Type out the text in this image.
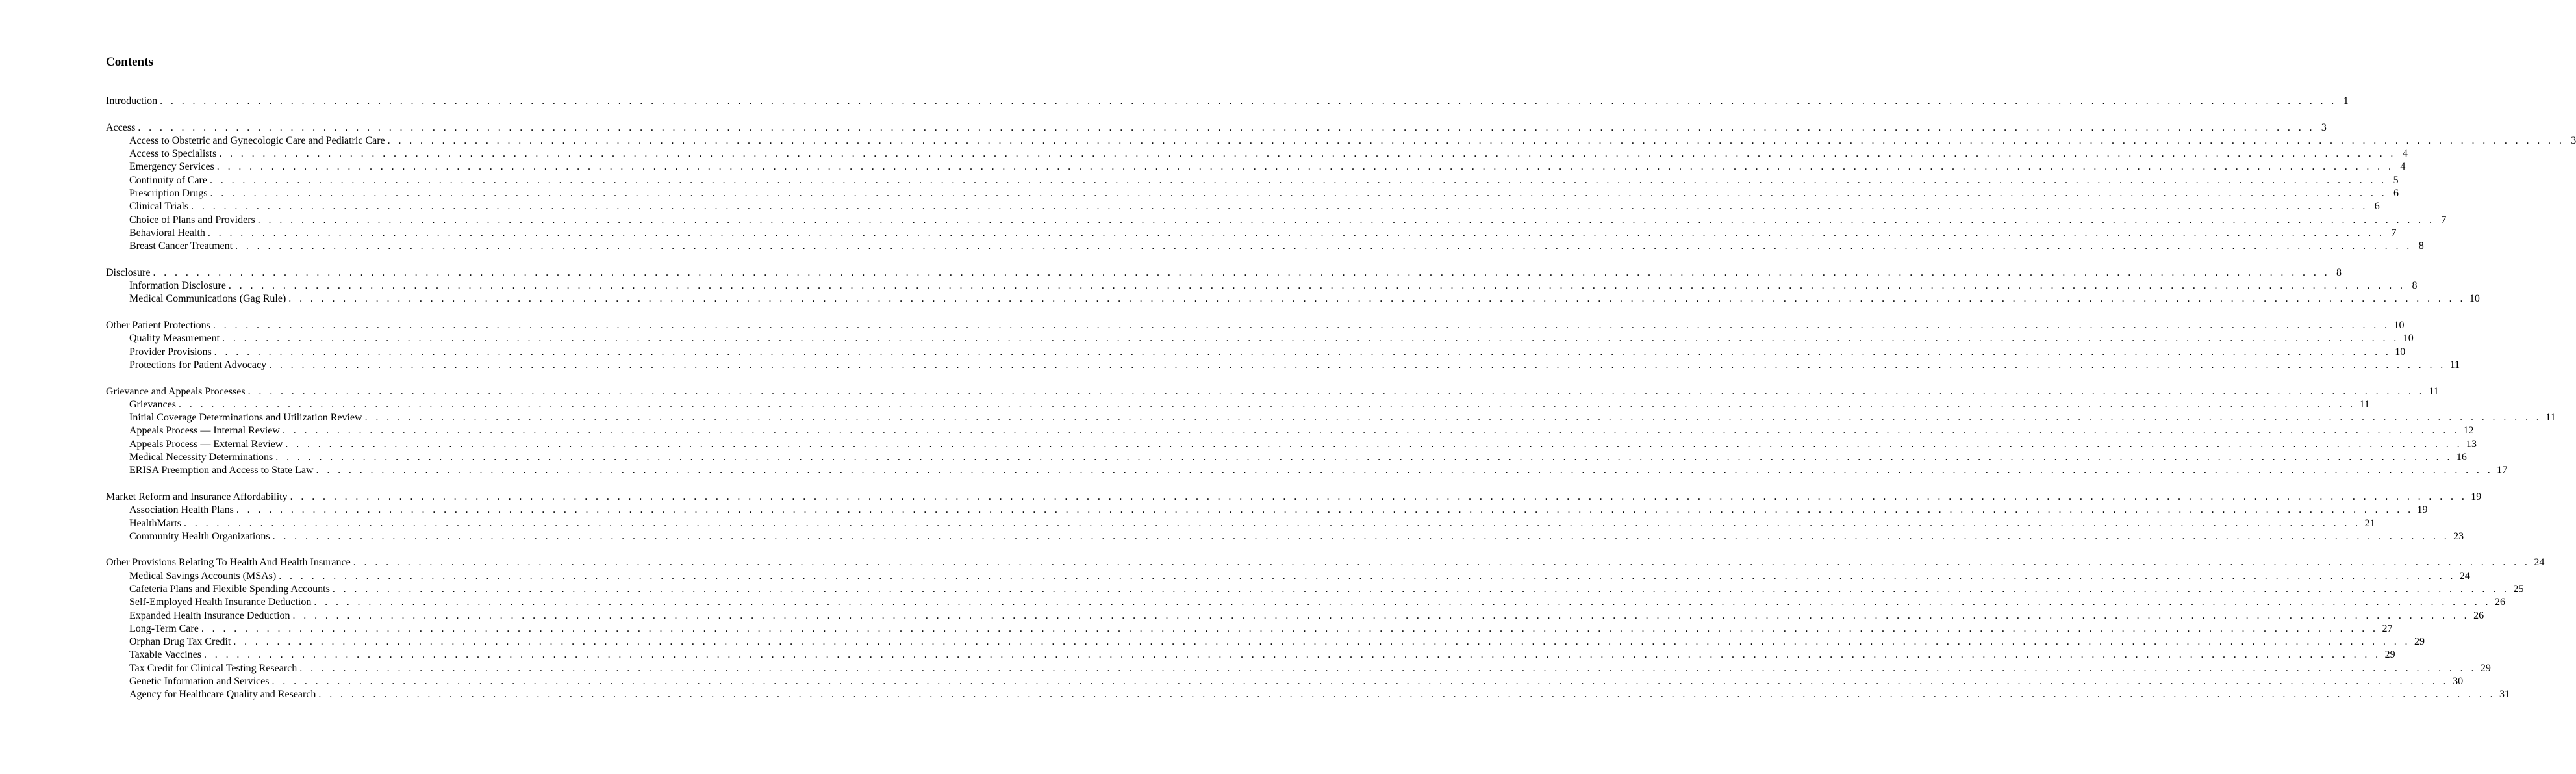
Contents
Introduction . . . . . . . . . . . . . . . . . . . . . . . . . . . . . . . . . . . . . . . . . . . . . . . . . . . . . . . . . . . . . . . . . . . . . . . . . . . . . . . . . . . . . . . . . . . . . . . . . . . . . . . . . . . . . . . . . . . . . . . . . . . . . . . . . . . . . . . . . . . . . . . . . . . . . . . . . . . . . . . . . . . . . . . . . . . . . . . . . . . . . . . . . . . . . . . . . . . . . . . . 1
Access . . . . . . . . . . . . . . . . . . . . . . . . . . . . . . . . . . . . . . . . . . . . . . . . . . . . . . . . . . . . . . . . . . . . . . . . . . . . . . . . . . . . . . . . . . . . . . . . . . . . . . . . . . . . . . . . . . . . . . . . . . . . . . . . . . . . . . . . . . . . . . . . . . . . . . . . . . . . . . . . . . . . . . . . . . . . . . . . . . . . . . . . . . . . . . . . . . . . . . . . 3
Access to Obstetric and Gynecologic Care and Pediatric Care . . . . . . . . . . . . . . . . . . . . . . . . . . . . . . . . . . . . . . . . . . . . . . . . . . . . . . . . . . . . . . . . . . . . . . . . . . . . . . . . . . . . . . . . . . . . . . . . . . . . . . . . . . . . . . . . . . . . . . . . . . . . . . . . . . . . . . . . . . . . . . . . . . . . . . . . . . . . . . . . . . . . . . . . . . . . . . . . . . . . . . . . . . . . . . . . . . . . . . . . 3
Access to Specialists . . . . . . . . . . . . . . . . . . . . . . . . . . . . . . . . . . . . . . . . . . . . . . . . . . . . . . . . . . . . . . . . . . . . . . . . . . . . . . . . . . . . . . . . . . . . . . . . . . . . . . . . . . . . . . . . . . . . . . . . . . . . . . . . . . . . . . . . . . . . . . . . . . . . . . . . . . . . . . . . . . . . . . . . . . . . . . . . . . . . . . . . . . . . . . . . . . . . . . . . 4
Emergency Services . . . . . . . . . . . . . . . . . . . . . . . . . . . . . . . . . . . . . . . . . . . . . . . . . . . . . . . . . . . . . . . . . . . . . . . . . . . . . . . . . . . . . . . . . . . . . . . . . . . . . . . . . . . . . . . . . . . . . . . . . . . . . . . . . . . . . . . . . . . . . . . . . . . . . . . . . . . . . . . . . . . . . . . . . . . . . . . . . . . . . . . . . . . . . . . . . . . . . . . . 4
Continuity of Care . . . . . . . . . . . . . . . . . . . . . . . . . . . . . . . . . . . . . . . . . . . . . . . . . . . . . . . . . . . . . . . . . . . . . . . . . . . . . . . . . . . . . . . . . . . . . . . . . . . . . . . . . . . . . . . . . . . . . . . . . . . . . . . . . . . . . . . . . . . . . . . . . . . . . . . . . . . . . . . . . . . . . . . . . . . . . . . . . . . . . . . . . . . . . . . . . . . . . . . . 5
Prescription Drugs . . . . . . . . . . . . . . . . . . . . . . . . . . . . . . . . . . . . . . . . . . . . . . . . . . . . . . . . . . . . . . . . . . . . . . . . . . . . . . . . . . . . . . . . . . . . . . . . . . . . . . . . . . . . . . . . . . . . . . . . . . . . . . . . . . . . . . . . . . . . . . . . . . . . . . . . . . . . . . . . . . . . . . . . . . . . . . . . . . . . . . . . . . . . . . . . . . . . . . . . 6
Clinical Trials . . . . . . . . . . . . . . . . . . . . . . . . . . . . . . . . . . . . . . . . . . . . . . . . . . . . . . . . . . . . . . . . . . . . . . . . . . . . . . . . . . . . . . . . . . . . . . . . . . . . . . . . . . . . . . . . . . . . . . . . . . . . . . . . . . . . . . . . . . . . . . . . . . . . . . . . . . . . . . . . . . . . . . . . . . . . . . . . . . . . . . . . . . . . . . . . . . . . . . . . 6
Choice of Plans and Providers . . . . . . . . . . . . . . . . . . . . . . . . . . . . . . . . . . . . . . . . . . . . . . . . . . . . . . . . . . . . . . . . . . . . . . . . . . . . . . . . . . . . . . . . . . . . . . . . . . . . . . . . . . . . . . . . . . . . . . . . . . . . . . . . . . . . . . . . . . . . . . . . . . . . . . . . . . . . . . . . . . . . . . . . . . . . . . . . . . . . . . . . . . . . . . . . . . . . . . . . 7
Behavioral Health . . . . . . . . . . . . . . . . . . . . . . . . . . . . . . . . . . . . . . . . . . . . . . . . . . . . . . . . . . . . . . . . . . . . . . . . . . . . . . . . . . . . . . . . . . . . . . . . . . . . . . . . . . . . . . . . . . . . . . . . . . . . . . . . . . . . . . . . . . . . . . . . . . . . . . . . . . . . . . . . . . . . . . . . . . . . . . . . . . . . . . . . . . . . . . . . . . . . . . . . 7
Breast Cancer Treatment . . . . . . . . . . . . . . . . . . . . . . . . . . . . . . . . . . . . . . . . . . . . . . . . . . . . . . . . . . . . . . . . . . . . . . . . . . . . . . . . . . . . . . . . . . . . . . . . . . . . . . . . . . . . . . . . . . . . . . . . . . . . . . . . . . . . . . . . . . . . . . . . . . . . . . . . . . . . . . . . . . . . . . . . . . . . . . . . . . . . . . . . . . . . . . . . . . . . . . . . 8
Disclosure . . . . . . . . . . . . . . . . . . . . . . . . . . . . . . . . . . . . . . . . . . . . . . . . . . . . . . . . . . . . . . . . . . . . . . . . . . . . . . . . . . . . . . . . . . . . . . . . . . . . . . . . . . . . . . . . . . . . . . . . . . . . . . . . . . . . . . . . . . . . . . . . . . . . . . . . . . . . . . . . . . . . . . . . . . . . . . . . . . . . . . . . . . . . . . . . . . . . . . . . 8
Information Disclosure . . . . . . . . . . . . . . . . . . . . . . . . . . . . . . . . . . . . . . . . . . . . . . . . . . . . . . . . . . . . . . . . . . . . . . . . . . . . . . . . . . . . . . . . . . . . . . . . . . . . . . . . . . . . . . . . . . . . . . . . . . . . . . . . . . . . . . . . . . . . . . . . . . . . . . . . . . . . . . . . . . . . . . . . . . . . . . . . . . . . . . . . . . . . . . . . . . . . . . . . 8
Medical Communications (Gag Rule) . . . . . . . . . . . . . . . . . . . . . . . . . . . . . . . . . . . . . . . . . . . . . . . . . . . . . . . . . . . . . . . . . . . . . . . . . . . . . . . . . . . . . . . . . . . . . . . . . . . . . . . . . . . . . . . . . . . . . . . . . . . . . . . . . . . . . . . . . . . . . . . . . . . . . . . . . . . . . . . . . . . . . . . . . . . . . . . . . . . . . . . . . . . . . . . . . . . . . . . . 10
Other Patient Protections . . . . . . . . . . . . . . . . . . . . . . . . . . . . . . . . . . . . . . . . . . . . . . . . . . . . . . . . . . . . . . . . . . . . . . . . . . . . . . . . . . . . . . . . . . . . . . . . . . . . . . . . . . . . . . . . . . . . . . . . . . . . . . . . . . . . . . . . . . . . . . . . . . . . . . . . . . . . . . . . . . . . . . . . . . . . . . . . . . . . . . . . . . . . . . . . . . . . . . . . 10
Quality Measurement . . . . . . . . . . . . . . . . . . . . . . . . . . . . . . . . . . . . . . . . . . . . . . . . . . . . . . . . . . . . . . . . . . . . . . . . . . . . . . . . . . . . . . . . . . . . . . . . . . . . . . . . . . . . . . . . . . . . . . . . . . . . . . . . . . . . . . . . . . . . . . . . . . . . . . . . . . . . . . . . . . . . . . . . . . . . . . . . . . . . . . . . . . . . . . . . . . . . . . . . 10
Provider Provisions . . . . . . . . . . . . . . . . . . . . . . . . . . . . . . . . . . . . . . . . . . . . . . . . . . . . . . . . . . . . . . . . . . . . . . . . . . . . . . . . . . . . . . . . . . . . . . . . . . . . . . . . . . . . . . . . . . . . . . . . . . . . . . . . . . . . . . . . . . . . . . . . . . . . . . . . . . . . . . . . . . . . . . . . . . . . . . . . . . . . . . . . . . . . . . . . . . . . . . . . 10
Protections for Patient Advocacy . . . . . . . . . . . . . . . . . . . . . . . . . . . . . . . . . . . . . . . . . . . . . . . . . . . . . . . . . . . . . . . . . . . . . . . . . . . . . . . . . . . . . . . . . . . . . . . . . . . . . . . . . . . . . . . . . . . . . . . . . . . . . . . . . . . . . . . . . . . . . . . . . . . . . . . . . . . . . . . . . . . . . . . . . . . . . . . . . . . . . . . . . . . . . . . . . . . . . . . . 11
Grievance and Appeals Processes . . . . . . . . . . . . . . . . . . . . . . . . . . . . . . . . . . . . . . . . . . . . . . . . . . . . . . . . . . . . . . . . . . . . . . . . . . . . . . . . . . . . . . . . . . . . . . . . . . . . . . . . . . . . . . . . . . . . . . . . . . . . . . . . . . . . . . . . . . . . . . . . . . . . . . . . . . . . . . . . . . . . . . . . . . . . . . . . . . . . . . . . . . . . . . . . . . . . . . . . 11
Grievances . . . . . . . . . . . . . . . . . . . . . . . . . . . . . . . . . . . . . . . . . . . . . . . . . . . . . . . . . . . . . . . . . . . . . . . . . . . . . . . . . . . . . . . . . . . . . . . . . . . . . . . . . . . . . . . . . . . . . . . . . . . . . . . . . . . . . . . . . . . . . . . . . . . . . . . . . . . . . . . . . . . . . . . . . . . . . . . . . . . . . . . . . . . . . . . . . . . . . . . . 11
Initial Coverage Determinations and Utilization Review . . . . . . . . . . . . . . . . . . . . . . . . . . . . . . . . . . . . . . . . . . . . . . . . . . . . . . . . . . . . . . . . . . . . . . . . . . . . . . . . . . . . . . . . . . . . . . . . . . . . . . . . . . . . . . . . . . . . . . . . . . . . . . . . . . . . . . . . . . . . . . . . . . . . . . . . . . . . . . . . . . . . . . . . . . . . . . . . . . . . . . . . . . . . . . . . . . . . . . . . 11
Appeals Process — Internal Review . . . . . . . . . . . . . . . . . . . . . . . . . . . . . . . . . . . . . . . . . . . . . . . . . . . . . . . . . . . . . . . . . . . . . . . . . . . . . . . . . . . . . . . . . . . . . . . . . . . . . . . . . . . . . . . . . . . . . . . . . . . . . . . . . . . . . . . . . . . . . . . . . . . . . . . . . . . . . . . . . . . . . . . . . . . . . . . . . . . . . . . . . . . . . . . . . . . . . . . . 12
Appeals Process — External Review . . . . . . . . . . . . . . . . . . . . . . . . . . . . . . . . . . . . . . . . . . . . . . . . . . . . . . . . . . . . . . . . . . . . . . . . . . . . . . . . . . . . . . . . . . . . . . . . . . . . . . . . . . . . . . . . . . . . . . . . . . . . . . . . . . . . . . . . . . . . . . . . . . . . . . . . . . . . . . . . . . . . . . . . . . . . . . . . . . . . . . . . . . . . . . . . . . . . . . . . 13
Medical Necessity Determinations . . . . . . . . . . . . . . . . . . . . . . . . . . . . . . . . . . . . . . . . . . . . . . . . . . . . . . . . . . . . . . . . . . . . . . . . . . . . . . . . . . . . . . . . . . . . . . . . . . . . . . . . . . . . . . . . . . . . . . . . . . . . . . . . . . . . . . . . . . . . . . . . . . . . . . . . . . . . . . . . . . . . . . . . . . . . . . . . . . . . . . . . . . . . . . . . . . . . . . . . 16
ERISA Preemption and Access to State Law . . . . . . . . . . . . . . . . . . . . . . . . . . . . . . . . . . . . . . . . . . . . . . . . . . . . . . . . . . . . . . . . . . . . . . . . . . . . . . . . . . . . . . . . . . . . . . . . . . . . . . . . . . . . . . . . . . . . . . . . . . . . . . . . . . . . . . . . . . . . . . . . . . . . . . . . . . . . . . . . . . . . . . . . . . . . . . . . . . . . . . . . . . . . . . . . . . . . . . . . 17
Market Reform and Insurance Affordability . . . . . . . . . . . . . . . . . . . . . . . . . . . . . . . . . . . . . . . . . . . . . . . . . . . . . . . . . . . . . . . . . . . . . . . . . . . . . . . . . . . . . . . . . . . . . . . . . . . . . . . . . . . . . . . . . . . . . . . . . . . . . . . . . . . . . . . . . . . . . . . . . . . . . . . . . . . . . . . . . . . . . . . . . . . . . . . . . . . . . . . . . . . . . . . . . . . . . . . . 19
Association Health Plans . . . . . . . . . . . . . . . . . . . . . . . . . . . . . . . . . . . . . . . . . . . . . . . . . . . . . . . . . . . . . . . . . . . . . . . . . . . . . . . . . . . . . . . . . . . . . . . . . . . . . . . . . . . . . . . . . . . . . . . . . . . . . . . . . . . . . . . . . . . . . . . . . . . . . . . . . . . . . . . . . . . . . . . . . . . . . . . . . . . . . . . . . . . . . . . . . . . . . . . . 19
HealthMarts . . . . . . . . . . . . . . . . . . . . . . . . . . . . . . . . . . . . . . . . . . . . . . . . . . . . . . . . . . . . . . . . . . . . . . . . . . . . . . . . . . . . . . . . . . . . . . . . . . . . . . . . . . . . . . . . . . . . . . . . . . . . . . . . . . . . . . . . . . . . . . . . . . . . . . . . . . . . . . . . . . . . . . . . . . . . . . . . . . . . . . . . . . . . . . . . . . . . . . . . 21
Community Health Organizations . . . . . . . . . . . . . . . . . . . . . . . . . . . . . . . . . . . . . . . . . . . . . . . . . . . . . . . . . . . . . . . . . . . . . . . . . . . . . . . . . . . . . . . . . . . . . . . . . . . . . . . . . . . . . . . . . . . . . . . . . . . . . . . . . . . . . . . . . . . . . . . . . . . . . . . . . . . . . . . . . . . . . . . . . . . . . . . . . . . . . . . . . . . . . . . . . . . . . . . . 23
Other Provisions Relating To Health And Health Insurance . . . . . . . . . . . . . . . . . . . . . . . . . . . . . . . . . . . . . . . . . . . . . . . . . . . . . . . . . . . . . . . . . . . . . . . . . . . . . . . . . . . . . . . . . . . . . . . . . . . . . . . . . . . . . . . . . . . . . . . . . . . . . . . . . . . . . . . . . . . . . . . . . . . . . . . . . . . . . . . . . . . . . . . . . . . . . . . . . . . . . . . . . . . . . . . . . . . . . . . . 24
Medical Savings Accounts (MSAs) . . . . . . . . . . . . . . . . . . . . . . . . . . . . . . . . . . . . . . . . . . . . . . . . . . . . . . . . . . . . . . . . . . . . . . . . . . . . . . . . . . . . . . . . . . . . . . . . . . . . . . . . . . . . . . . . . . . . . . . . . . . . . . . . . . . . . . . . . . . . . . . . . . . . . . . . . . . . . . . . . . . . . . . . . . . . . . . . . . . . . . . . . . . . . . . . . . . . . . . . 24
Cafeteria Plans and Flexible Spending Accounts . . . . . . . . . . . . . . . . . . . . . . . . . . . . . . . . . . . . . . . . . . . . . . . . . . . . . . . . . . . . . . . . . . . . . . . . . . . . . . . . . . . . . . . . . . . . . . . . . . . . . . . . . . . . . . . . . . . . . . . . . . . . . . . . . . . . . . . . . . . . . . . . . . . . . . . . . . . . . . . . . . . . . . . . . . . . . . . . . . . . . . . . . . . . . . . . . . . . . . . . 25
Self-Employed Health Insurance Deduction . . . . . . . . . . . . . . . . . . . . . . . . . . . . . . . . . . . . . . . . . . . . . . . . . . . . . . . . . . . . . . . . . . . . . . . . . . . . . . . . . . . . . . . . . . . . . . . . . . . . . . . . . . . . . . . . . . . . . . . . . . . . . . . . . . . . . . . . . . . . . . . . . . . . . . . . . . . . . . . . . . . . . . . . . . . . . . . . . . . . . . . . . . . . . . . . . . . . . . . . 26
Expanded Health Insurance Deduction . . . . . . . . . . . . . . . . . . . . . . . . . . . . . . . . . . . . . . . . . . . . . . . . . . . . . . . . . . . . . . . . . . . . . . . . . . . . . . . . . . . . . . . . . . . . . . . . . . . . . . . . . . . . . . . . . . . . . . . . . . . . . . . . . . . . . . . . . . . . . . . . . . . . . . . . . . . . . . . . . . . . . . . . . . . . . . . . . . . . . . . . . . . . . . . . . . . . . . . . 26
Long-Term Care . . . . . . . . . . . . . . . . . . . . . . . . . . . . . . . . . . . . . . . . . . . . . . . . . . . . . . . . . . . . . . . . . . . . . . . . . . . . . . . . . . . . . . . . . . . . . . . . . . . . . . . . . . . . . . . . . . . . . . . . . . . . . . . . . . . . . . . . . . . . . . . . . . . . . . . . . . . . . . . . . . . . . . . . . . . . . . . . . . . . . . . . . . . . . . . . . . . . . . . . 27
Orphan Drug Tax Credit . . . . . . . . . . . . . . . . . . . . . . . . . . . . . . . . . . . . . . . . . . . . . . . . . . . . . . . . . . . . . . . . . . . . . . . . . . . . . . . . . . . . . . . . . . . . . . . . . . . . . . . . . . . . . . . . . . . . . . . . . . . . . . . . . . . . . . . . . . . . . . . . . . . . . . . . . . . . . . . . . . . . . . . . . . . . . . . . . . . . . . . . . . . . . . . . . . . . . . . . 29
Taxable Vaccines . . . . . . . . . . . . . . . . . . . . . . . . . . . . . . . . . . . . . . . . . . . . . . . . . . . . . . . . . . . . . . . . . . . . . . . . . . . . . . . . . . . . . . . . . . . . . . . . . . . . . . . . . . . . . . . . . . . . . . . . . . . . . . . . . . . . . . . . . . . . . . . . . . . . . . . . . . . . . . . . . . . . . . . . . . . . . . . . . . . . . . . . . . . . . . . . . . . . . . . . 29
Tax Credit for Clinical Testing Research . . . . . . . . . . . . . . . . . . . . . . . . . . . . . . . . . . . . . . . . . . . . . . . . . . . . . . . . . . . . . . . . . . . . . . . . . . . . . . . . . . . . . . . . . . . . . . . . . . . . . . . . . . . . . . . . . . . . . . . . . . . . . . . . . . . . . . . . . . . . . . . . . . . . . . . . . . . . . . . . . . . . . . . . . . . . . . . . . . . . . . . . . . . . . . . . . . . . . . . . 29
Genetic Information and Services . . . . . . . . . . . . . . . . . . . . . . . . . . . . . . . . . . . . . . . . . . . . . . . . . . . . . . . . . . . . . . . . . . . . . . . . . . . . . . . . . . . . . . . . . . . . . . . . . . . . . . . . . . . . . . . . . . . . . . . . . . . . . . . . . . . . . . . . . . . . . . . . . . . . . . . . . . . . . . . . . . . . . . . . . . . . . . . . . . . . . . . . . . . . . . . . . . . . . . . . 30
Agency for Healthcare Quality and Research . . . . . . . . . . . . . . . . . . . . . . . . . . . . . . . . . . . . . . . . . . . . . . . . . . . . . . . . . . . . . . . . . . . . . . . . . . . . . . . . . . . . . . . . . . . . . . . . . . . . . . . . . . . . . . . . . . . . . . . . . . . . . . . . . . . . . . . . . . . . . . . . . . . . . . . . . . . . . . . . . . . . . . . . . . . . . . . . . . . . . . . . . . . . . . . . . . . . . . . . 31
